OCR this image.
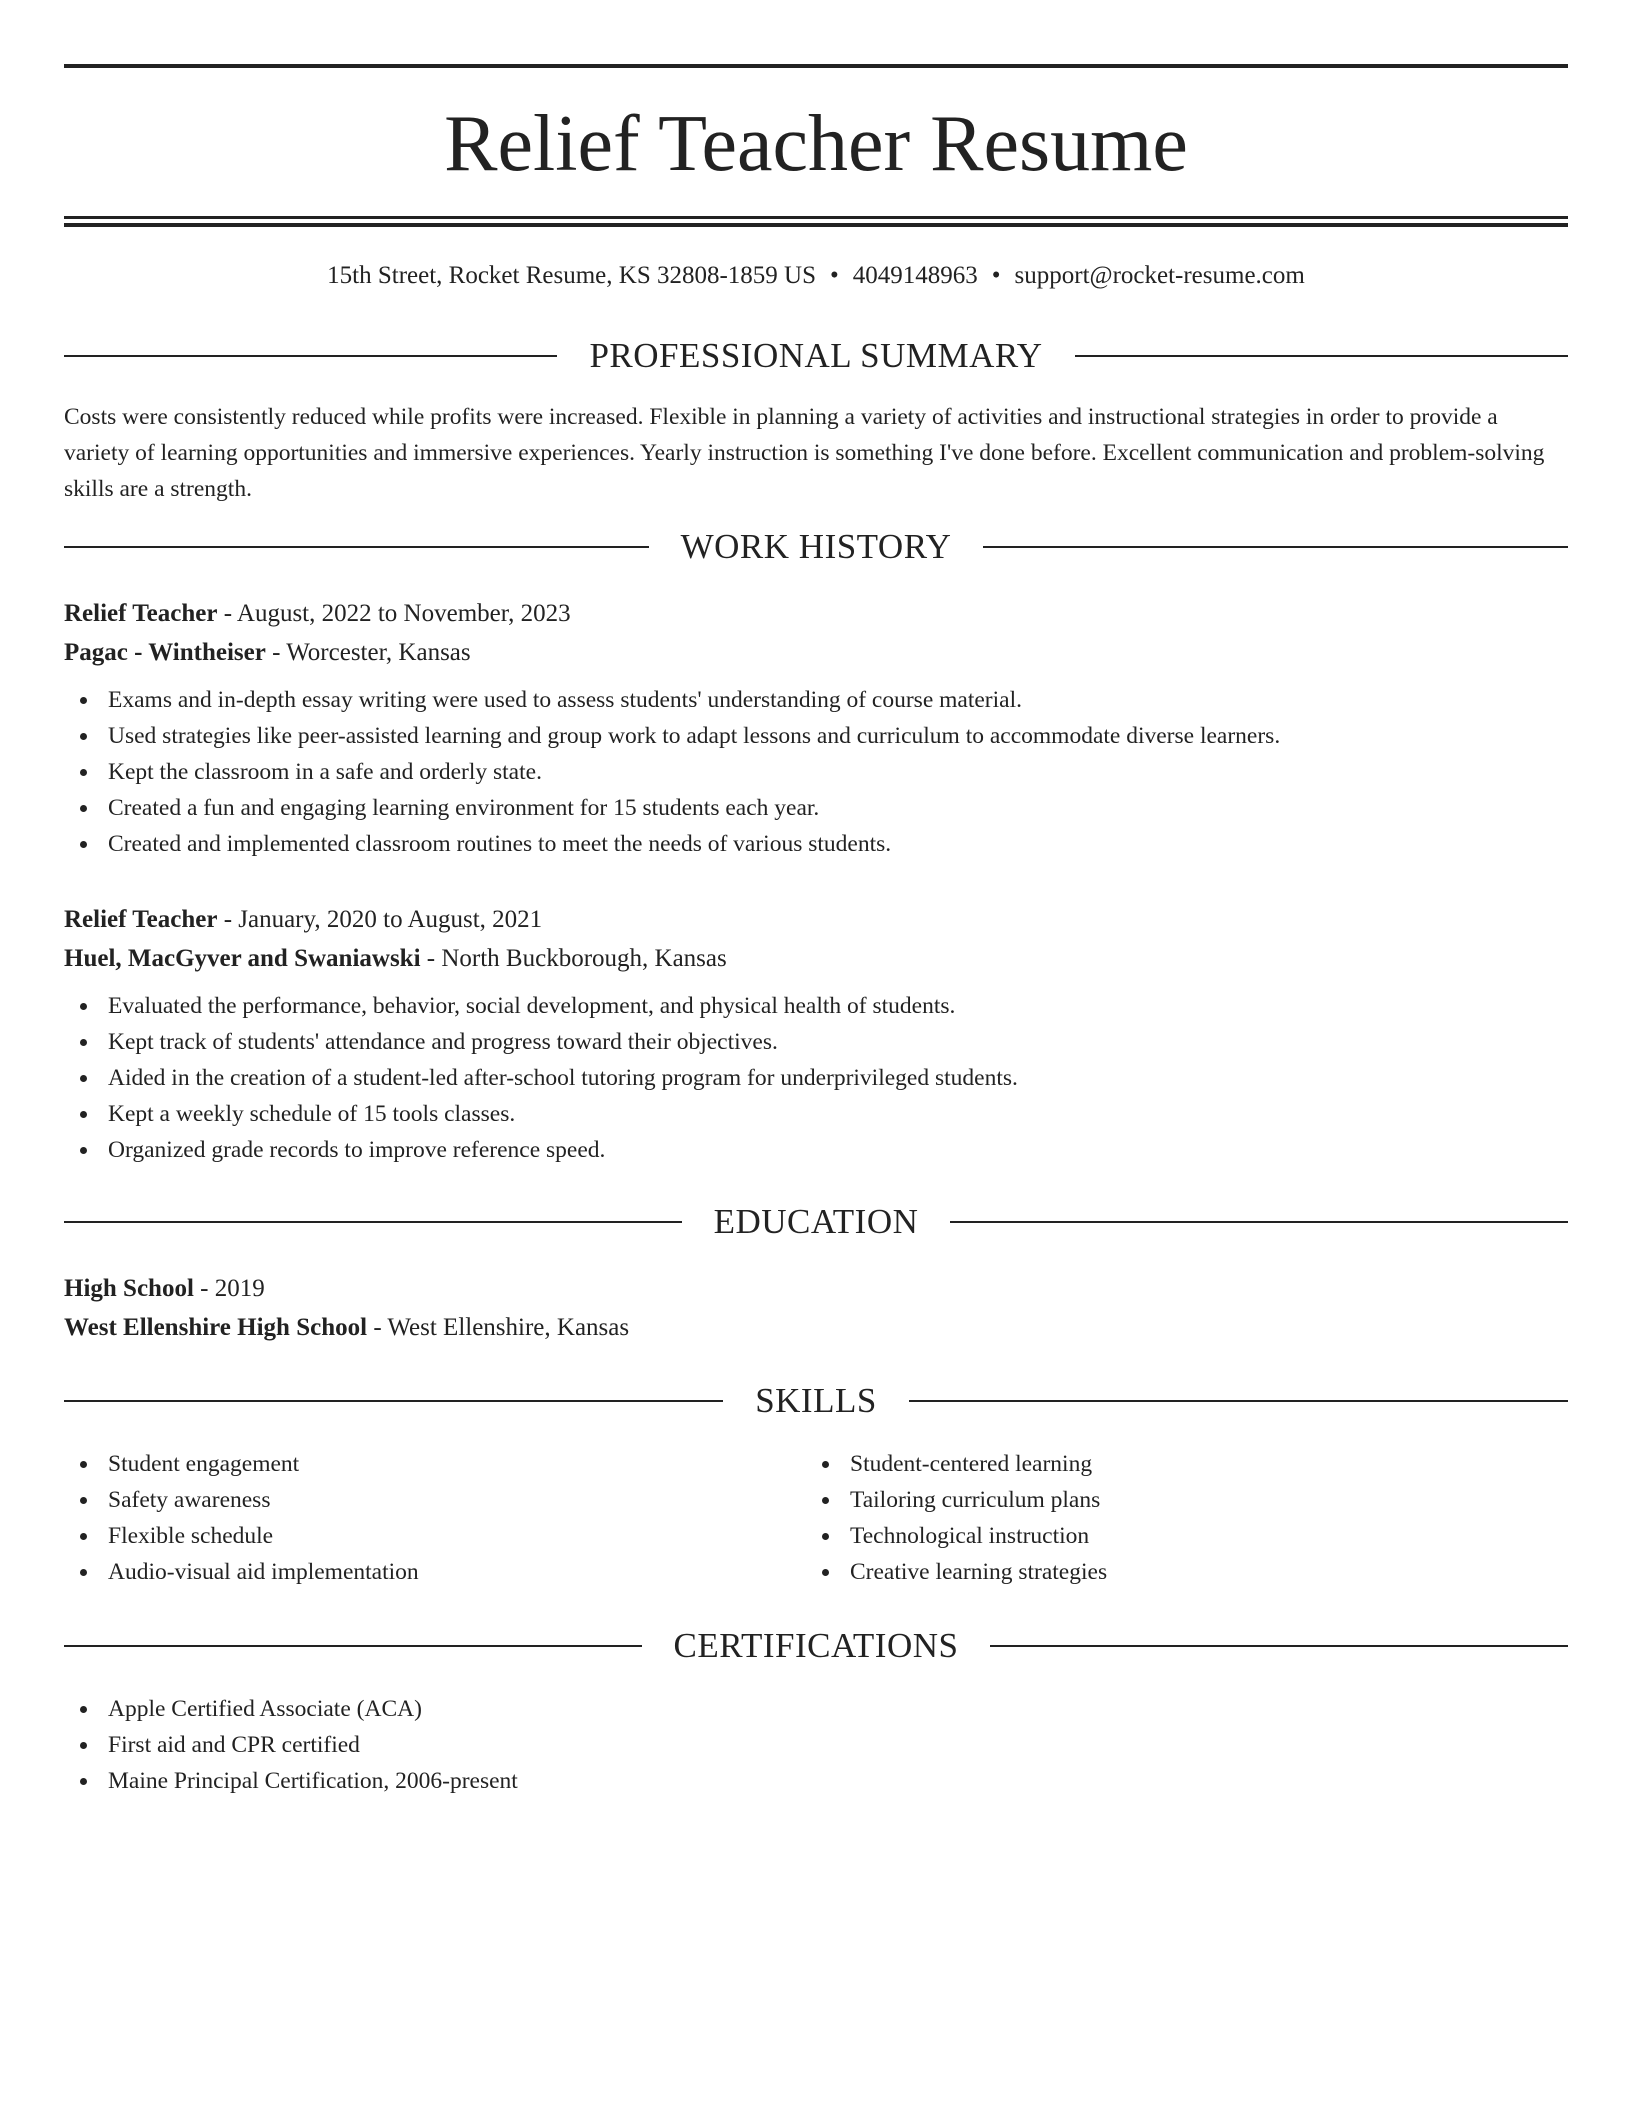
Relief Teacher Resume
15th Street, Rocket Resume, KS 32808-1859 US • 4049148963 • support@rocket-resume.com
PROFESSIONAL SUMMARY

Costs were consistently reduced while profits were increased. Flexible in planning a variety of activities and instructional strategies in order to provide a variety of learning opportunities and immersive experiences. Yearly instruction is something I've done before. Excellent communication and problem-solving skills are a strength.

WORK HISTORY
Relief Teacher - August, 2022 to November, 2023
Pagac - Wintheiser - Worcester, Kansas
Exams and in-depth essay writing were used to assess students' understanding of course material.
Used strategies like peer-assisted learning and group work to adapt lessons and curriculum to accommodate diverse learners.
Kept the classroom in a safe and orderly state.
Created a fun and engaging learning environment for 15 students each year.
Created and implemented classroom routines to meet the needs of various students.
Relief Teacher - January, 2020 to August, 2021
Huel, MacGyver and Swaniawski - North Buckborough, Kansas
Evaluated the performance, behavior, social development, and physical health of students.
Kept track of students' attendance and progress toward their objectives.
Aided in the creation of a student-led after-school tutoring program for underprivileged students.
Kept a weekly schedule of 15 tools classes.
Organized grade records to improve reference speed.
EDUCATION
High School - 2019
West Ellenshire High School - West Ellenshire, Kansas
SKILLS
Student engagement
Safety awareness
Flexible schedule
Audio-visual aid implementation
Student-centered learning
Tailoring curriculum plans
Technological instruction
Creative learning strategies
CERTIFICATIONS
Apple Certified Associate (ACA)
First aid and CPR certified
Maine Principal Certification, 2006-present
